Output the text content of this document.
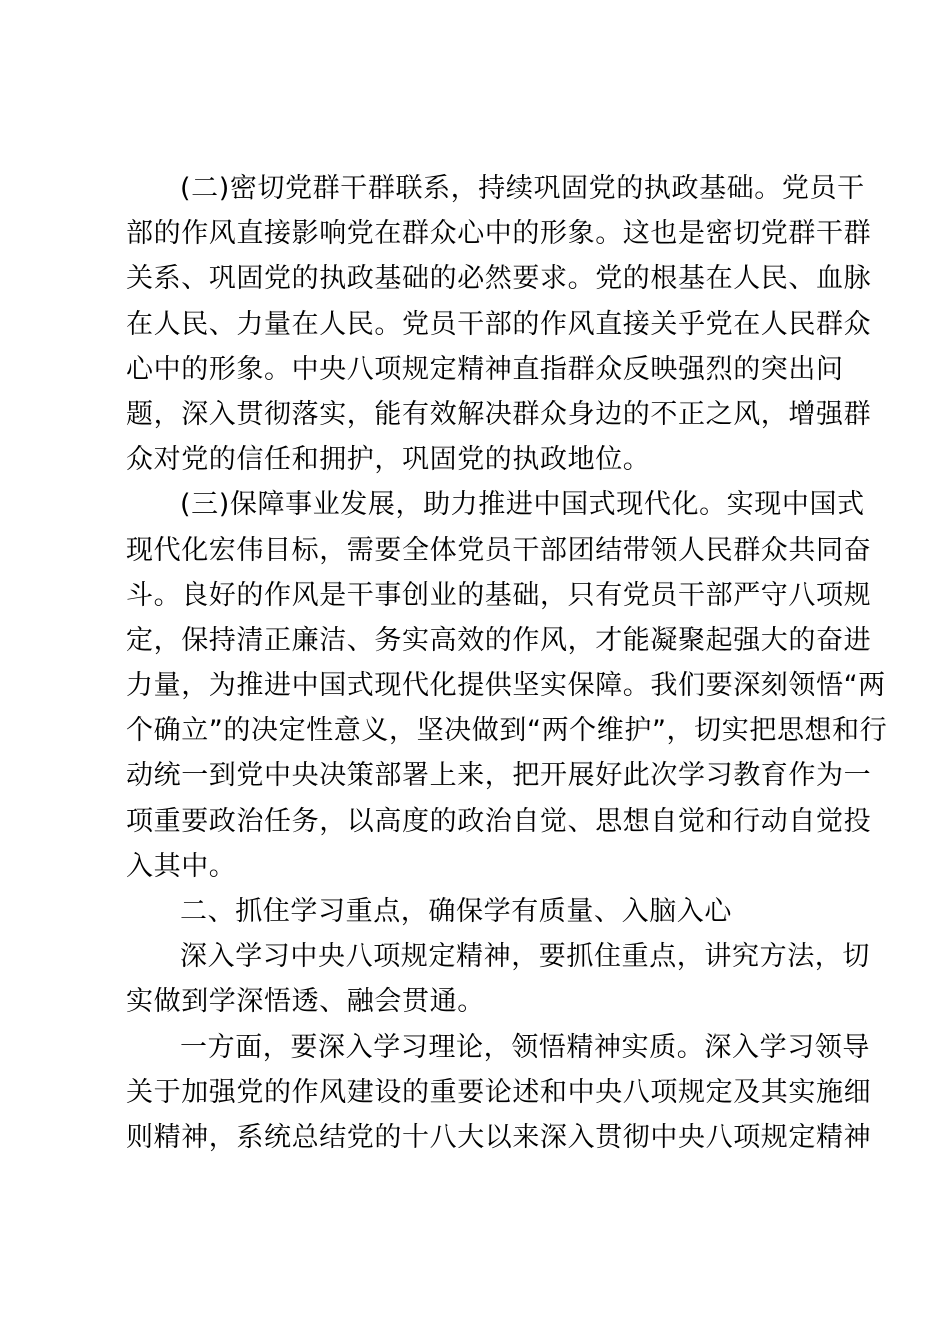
(二)密切党群干群联系，持续巩固党的执政基础。党员干
部的作风直接影响党在群众心中的形象。这也是密切党群干群
关系、巩固党的执政基础的必然要求。党的根基在人民、血脉
在人民、力量在人民。党员干部的作风直接关乎党在人民群众
心中的形象。中央八项规定精神直指群众反映强烈的突出问
题，深入贯彻落实，能有效解决群众身边的不正之风，增强群
众对党的信任和拥护，巩固党的执政地位。
(三)保障事业发展，助力推进中国式现代化。实现中国式
现代化宏伟目标，需要全体党员干部团结带领人民群众共同奋
斗。良好的作风是干事创业的基础，只有党员干部严守八项规
定，保持清正廉洁、务实高效的作风，才能凝聚起强大的奋进
力量，为推进中国式现代化提供坚实保障。我们要深刻领悟“两
个确立”的决定性意义，坚决做到“两个维护”，切实把思想和行
动统一到党中央决策部署上来，把开展好此次学习教育作为一
项重要政治任务，以高度的政治自觉、思想自觉和行动自觉投
入其中。
二、抓住学习重点，确保学有质量、入脑入心
深入学习中央八项规定精神，要抓住重点，讲究方法，切
实做到学深悟透、融会贯通。
一方面，要深入学习理论，领悟精神实质。深入学习领导
关于加强党的作风建设的重要论述和中央八项规定及其实施细
则精神，系统总结党的十八大以来深入贯彻中央八项规定精神
